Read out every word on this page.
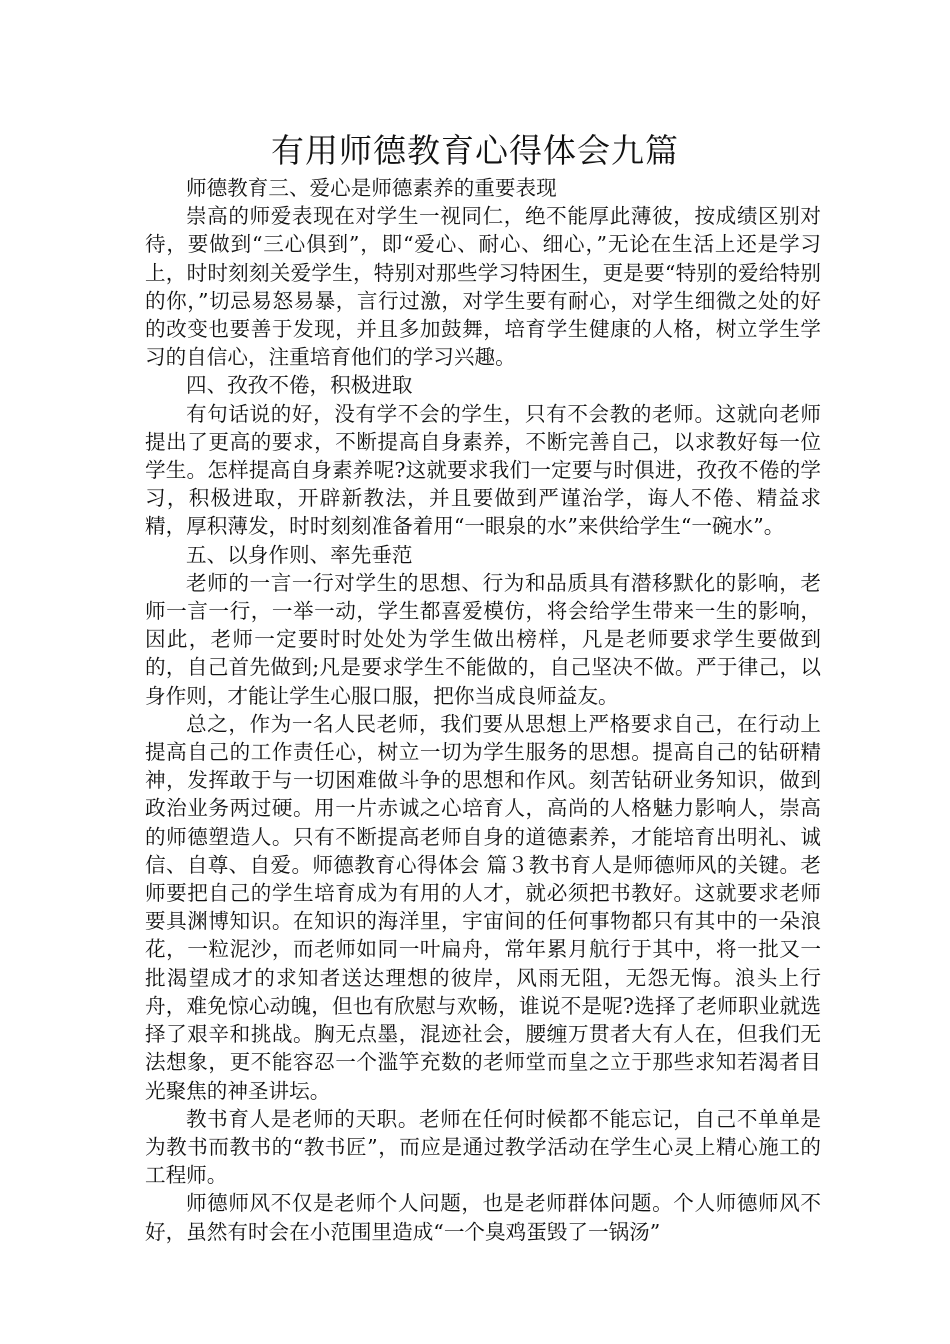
有用师德教育心得体会九篇

师德教育三、爱心是师德素养的重要表现

崇高的师爱表现在对学生一视同仁，绝不能厚此薄彼，按成绩区别对待，要做到“三心俱到”，即“爱心、耐心、细心，”无论在生活上还是学习上，时时刻刻关爱学生，特别对那些学习特困生，更是要“特别的爱给特别的你，”切忌易怒易暴，言行过激，对学生要有耐心，对学生细微之处的好的改变也要善于发现，并且多加鼓舞，培育学生健康的人格，树立学生学习的自信心，注重培育他们的学习兴趣。

四、孜孜不倦，积极进取

有句话说的好，没有学不会的学生，只有不会教的老师。这就向老师提出了更高的要求，不断提高自身素养，不断完善自己，以求教好每一位学生。怎样提高自身素养呢?这就要求我们一定要与时俱进，孜孜不倦的学习，积极进取，开辟新教法，并且要做到严谨治学，诲人不倦、精益求精，厚积薄发，时时刻刻准备着用“一眼泉的水”来供给学生“一碗水”。

五、以身作则、率先垂范

老师的一言一行对学生的思想、行为和品质具有潜移默化的影响，老师一言一行，一举一动，学生都喜爱模仿，将会给学生带来一生的影响，因此，老师一定要时时处处为学生做出榜样，凡是老师要求学生要做到的，自己首先做到;凡是要求学生不能做的，自己坚决不做。严于律己，以身作则，才能让学生心服口服，把你当成良师益友。

总之，作为一名人民老师，我们要从思想上严格要求自己，在行动上提高自己的工作责任心，树立一切为学生服务的思想。提高自己的钻研精神，发挥敢于与一切困难做斗争的思想和作风。刻苦钻研业务知识，做到政治业务两过硬。用一片赤诚之心培育人，高尚的人格魅力影响人，崇高的师德塑造人。只有不断提高老师自身的道德素养，才能培育出明礼、诚信、自尊、自爱。师德教育心得体会 篇３教书育人是师德师风的关键。老师要把自己的学生培育成为有用的人才，就必须把书教好。这就要求老师要具渊博知识。在知识的海洋里，宇宙间的任何事物都只有其中的一朵浪花，一粒泥沙，而老师如同一叶扁舟，常年累月航行于其中，将一批又一批渴望成才的求知者送达理想的彼岸，风雨无阻，无怨无悔。浪头上行舟，难免惊心动魄，但也有欣慰与欢畅，谁说不是呢?选择了老师职业就选择了艰辛和挑战。胸无点墨，混迹社会，腰缠万贯者大有人在，但我们无法想象，更不能容忍一个滥竽充数的老师堂而皇之立于那些求知若渴者目光聚焦的神圣讲坛。

教书育人是老师的天职。老师在任何时候都不能忘记，自己不单单是为教书而教书的“教书匠”，而应是通过教学活动在学生心灵上精心施工的工程师。

师德师风不仅是老师个人问题，也是老师群体问题。个人师德师风不好，虽然有时会在小范围里造成“一个臭鸡蛋毁了一锅汤”
